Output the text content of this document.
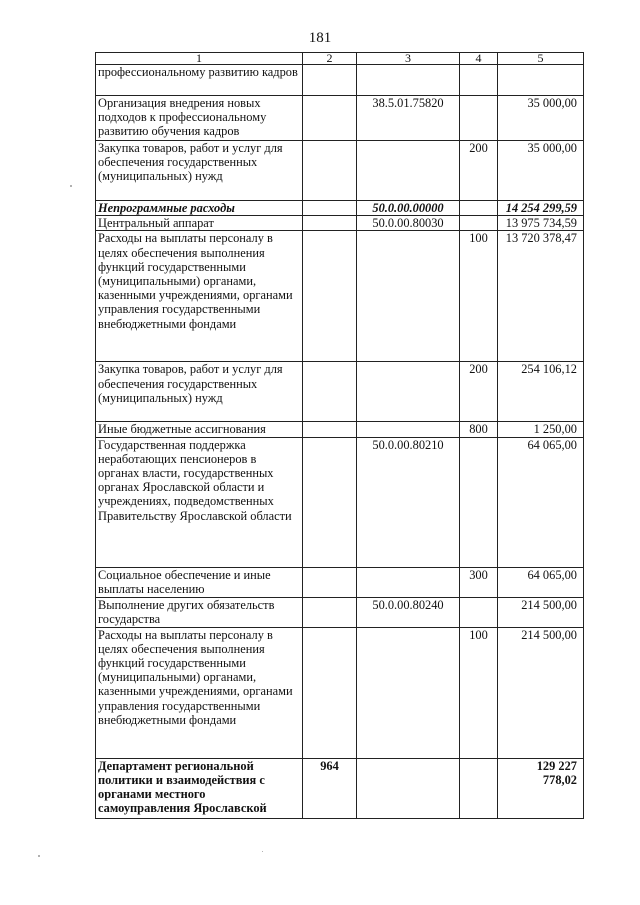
181
1	2	3	4	5
профессиональному развитию кадров				
Организация внедрения новых подходов к профессиональному развитию обучения кадров		38.5.01.75820		35 000,00
Закупка товаров, работ и услуг для обеспечения государственных (муниципальных) нужд			200	35 000,00
Непрограммные расходы		50.0.00.00000		14 254 299,59
Центральный аппарат		50.0.00.80030		13 975 734,59
Расходы на выплаты персоналу в целях обеспечения выполнения функций государственными (муниципальными) органами, казенными учреждениями, органами управления государственными внебюджетными фондами			100	13 720 378,47
Закупка товаров, работ и услуг для обеспечения государственных (муниципальных) нужд			200	254 106,12
Иные бюджетные ассигнования			800	1 250,00
Государственная поддержка неработающих пенсионеров в органах власти, государственных органах Ярославской области и учреждениях, подведомственных Правительству Ярославской области		50.0.00.80210		64 065,00
Социальное обеспечение и иные выплаты населению			300	64 065,00
Выполнение других обязательств государства		50.0.00.80240		214 500,00
Расходы на выплаты персоналу в целях обеспечения выполнения функций государственными (муниципальными) органами, казенными учреждениями, органами управления государственными внебюджетными фондами			100	214 500,00
Департамент региональной политики и взаимодействия с органами местного самоуправления Ярославской	964			129 227 778,02
